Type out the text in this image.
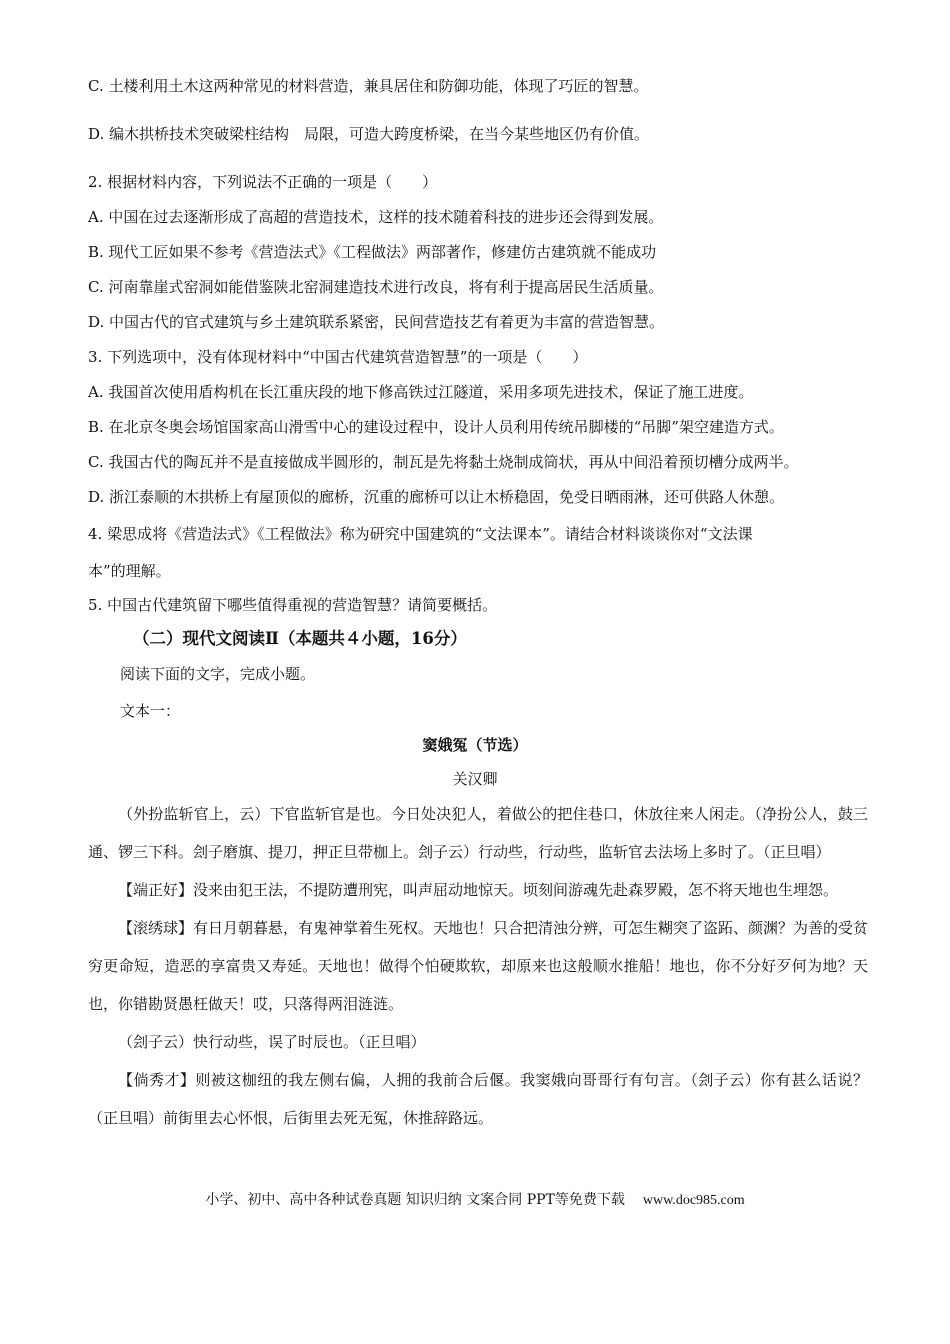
C. 土楼利用土木这两种常见的材料营造，兼具居住和防御功能，体现了巧匠的智慧。
D. 编木拱桥技术突破梁柱结构　局限，可造大跨度桥梁，在当今某些地区仍有价值。
2. 根据材料内容，下列说法不正确的一项是（　　）
A. 中国在过去逐渐形成了高超的营造技术，这样的技术随着科技的进步还会得到发展。
B. 现代工匠如果不参考《营造法式》《工程做法》两部著作，修建仿古建筑就不能成功
C. 河南靠崖式窑洞如能借鉴陕北窑洞建造技术进行改良，将有利于提高居民生活质量。
D. 中国古代的官式建筑与乡土建筑联系紧密，民间营造技艺有着更为丰富的营造智慧。
3. 下列选项中，没有体现材料中“中国古代建筑营造智慧”的一项是（　　）
A. 我国首次使用盾构机在长江重庆段的地下修高铁过江隧道，采用多项先进技术，保证了施工进度。
B. 在北京冬奥会场馆国家高山滑雪中心的建设过程中，设计人员利用传统吊脚楼的“吊脚”架空建造方式。
C. 我国古代的陶瓦并不是直接做成半圆形的，制瓦是先将黏土烧制成筒状，再从中间沿着预切槽分成两半。
D. 浙江泰顺的木拱桥上有屋顶似的廊桥，沉重的廊桥可以让木桥稳固，免受日晒雨淋，还可供路人休憩。
4. 梁思成将《营造法式》《工程做法》称为研究中国建筑的“文法课本”。请结合材料谈谈你对“文法课
本”的理解。
5. 中国古代建筑留下哪些值得重视的营造智慧？请简要概括。
（二）现代文阅读Ⅱ（本题共４小题，16分）
阅读下面的文字，完成小题。
文本一：
窦娥冤（节选）
关汉卿

（外扮监斩官上，云）下官监斩官是也。今日处决犯人，着做公的把住巷口，休放往来人闲走。（净扮公人，鼓三通、锣三下科。刽子磨旗、提刀，押正旦带枷上。刽子云）行动些，行动些，监斩官去法场上多时了。（正旦唱）

【端正好】没来由犯王法，不提防遭刑宪，叫声屈动地惊天。顷刻间游魂先赴森罗殿，怎不将天地也生埋怨。

【滚绣球】有日月朝暮悬，有鬼神掌着生死权。天地也！只合把清浊分辨，可怎生糊突了盗跖、颜渊？为善的受贫穷更命短，造恶的享富贵又寿延。天地也！做得个怕硬欺软，却原来也这般顺水推船！地也，你不分好歹何为地？天也，你错勘贤愚枉做天！哎，只落得两泪涟涟。

（刽子云）快行动些，误了时辰也。（正旦唱）

【倘秀才】则被这枷纽的我左侧右偏，人拥的我前合后偃。我窦娥向哥哥行有句言。（刽子云）你有甚么话说？（正旦唱）前街里去心怀恨，后街里去死无冤，休推辞路远。

小学、初中、高中各种试卷真题 知识归纳 文案合同 PPT等免费下载 www.doc985.com
